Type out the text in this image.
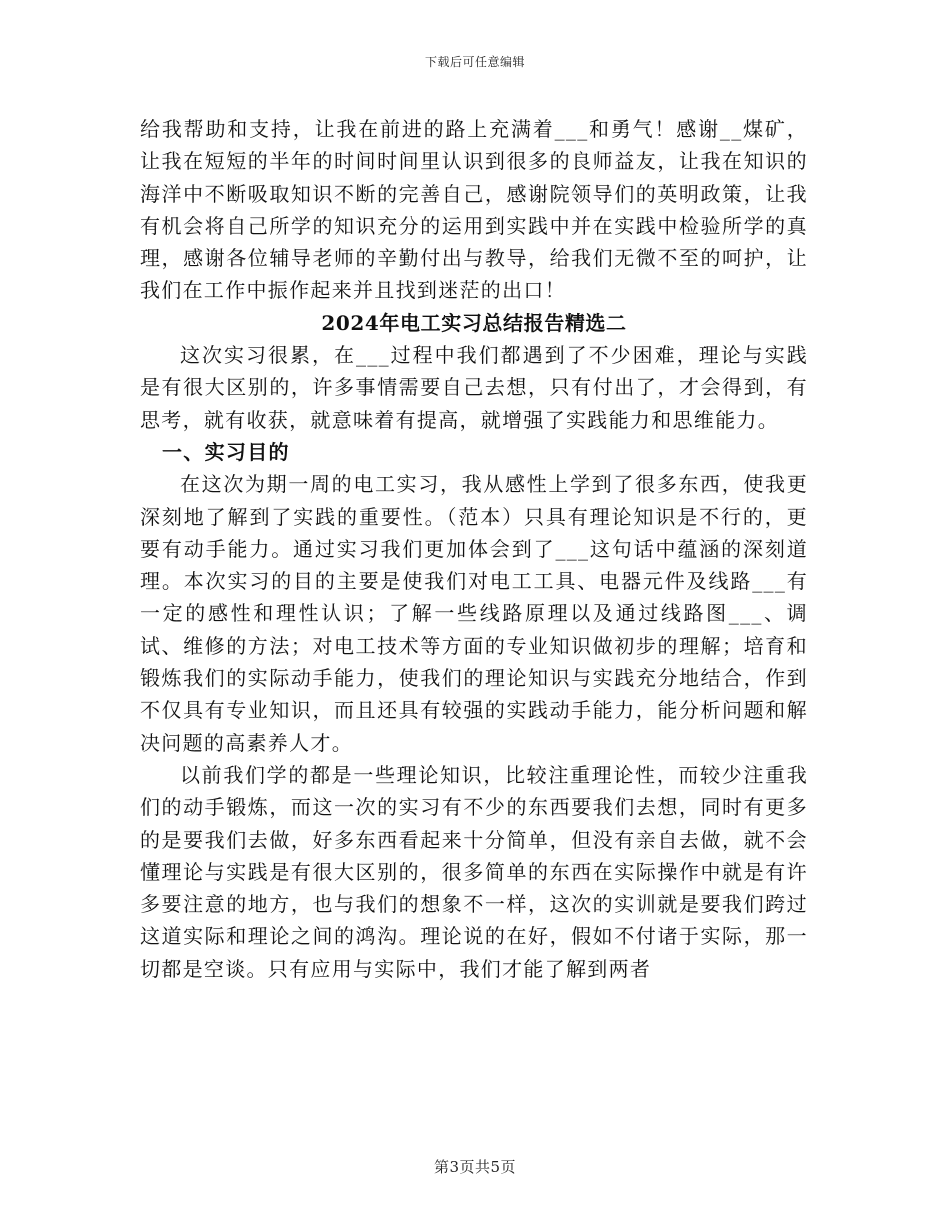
下载后可任意编辑

给我帮助和支持，让我在前进的路上充满着___和勇气！感谢__煤矿，让我在短短的半年的时间时间里认识到很多的良师益友，让我在知识的海洋中不断吸取知识不断的完善自己，感谢院领导们的英明政策，让我有机会将自己所学的知识充分的运用到实践中并在实践中检验所学的真理，感谢各位辅导老师的辛勤付出与教导，给我们无微不至的呵护，让我们在工作中振作起来并且找到迷茫的出口！

2024年电工实习总结报告精选二

这次实习很累，在___过程中我们都遇到了不少困难，理论与实践是有很大区别的，许多事情需要自己去想，只有付出了，才会得到，有思考，就有收获，就意味着有提高，就增强了实践能力和思维能力。

一、实习目的

在这次为期一周的电工实习，我从感性上学到了很多东西，使我更深刻地了解到了实践的重要性。（范本）只具有理论知识是不行的，更要有动手能力。通过实习我们更加体会到了___这句话中蕴涵的深刻道理。本次实习的目的主要是使我们对电工工具、电器元件及线路___有一定的感性和理性认识；了解一些线路原理以及通过线路图___、调试、维修的方法；对电工技术等方面的专业知识做初步的理解；培育和锻炼我们的实际动手能力，使我们的理论知识与实践充分地结合，作到不仅具有专业知识，而且还具有较强的实践动手能力，能分析问题和解决问题的高素养人才。

以前我们学的都是一些理论知识，比较注重理论性，而较少注重我们的动手锻炼，而这一次的实习有不少的东西要我们去想，同时有更多的是要我们去做，好多东西看起来十分简单，但没有亲自去做，就不会懂理论与实践是有很大区别的，很多简单的东西在实际操作中就是有许多要注意的地方，也与我们的想象不一样，这次的实训就是要我们跨过这道实际和理论之间的鸿沟。理论说的在好，假如不付诸于实际，那一切都是空谈。只有应用与实际中，我们才能了解到两者

第3页共5页
